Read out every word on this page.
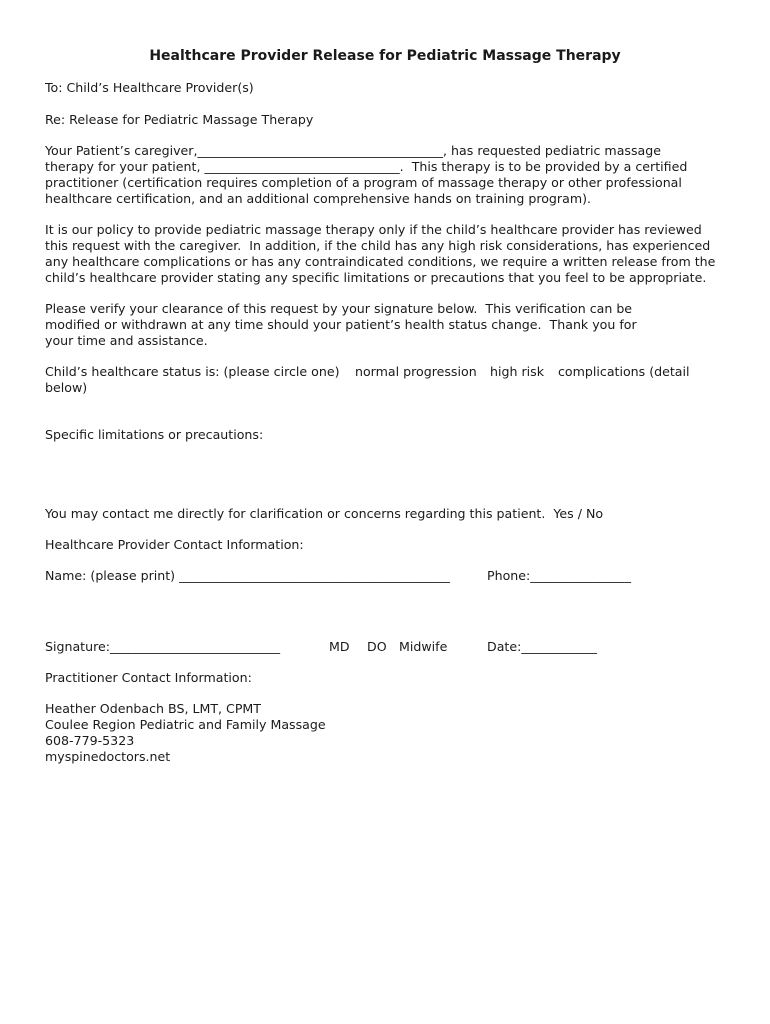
Healthcare Provider Release for Pediatric Massage Therapy
To: Child’s Healthcare Provider(s)
Re: Release for Pediatric Massage Therapy
Your Patient’s caregiver,_______________________________________, has requested pediatric massage
therapy for your patient, _______________________________.  This therapy is to be provided by a certified
practitioner (certification requires completion of a program of massage therapy or other professional
healthcare certification, and an additional comprehensive hands on training program).
It is our policy to provide pediatric massage therapy only if the child’s healthcare provider has reviewed
this request with the caregiver.  In addition, if the child has any high risk considerations, has experienced
any healthcare complications or has any contraindicated conditions, we require a written release from the
child’s healthcare provider stating any specific limitations or precautions that you feel to be appropriate.
Please verify your clearance of this request by your signature below.  This verification can be
modified or withdrawn at any time should your patient’s health status change.  Thank you for
your time and assistance.
Child’s healthcare status is: (please circle one) normal progression high risk complications (detail
below)
Specific limitations or precautions:
You may contact me directly for clarification or concerns regarding this patient.  Yes / No
Healthcare Provider Contact Information:
Name: (please print) ___________________________________________	Phone:________________
Signature:___________________________	MD DO Midwife	Date:____________
Practitioner Contact Information:
Heather Odenbach BS, LMT, CPMT
Coulee Region Pediatric and Family Massage
608-779-5323
myspinedoctors.net
